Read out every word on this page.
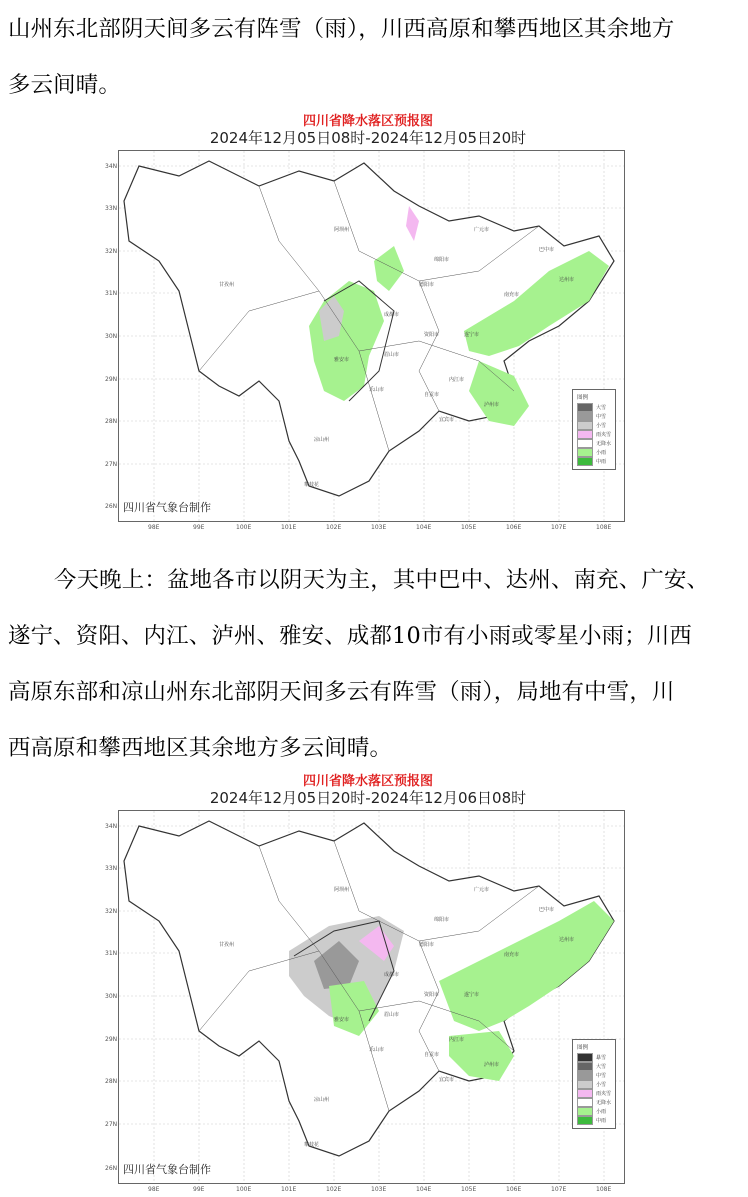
山州东北部阴天间多云有阵雪（雨），川西高原和攀西地区其余地方
多云间晴。

四川省降水落区预报图
2024年12月05日08时-2024年12月05日20时
34N
33N
32N
31N
30N
29N
28N
27N
26N
98E	99E	100E	101E	102E	103E	104E	105E	106E	107E	108E
阿坝州
甘孜州
凉山州
攀枝花
广元市
巴中市
达州市
绵阳市
德阳市
南充市
成都市
遂宁市
雅安市
眉山市
资阳市
乐山市
内江市
自贡市
宜宾市
泸州市
四川省气象台制作
图例
大雪
中雪
小雪
雨夹雪
无降水
小雨
中雨

今天晚上：盆地各市以阴天为主，其中巴中、达州、南充、广安、
遂宁、资阳、内江、泸州、雅安、成都10市有小雨或零星小雨；川西
高原东部和凉山州东北部阴天间多云有阵雪（雨），局地有中雪，川
西高原和攀西地区其余地方多云间晴。

四川省降水落区预报图
2024年12月05日20时-2024年12月06日08时
34N
33N
32N
31N
30N
29N
28N
27N
26N
98E	99E	100E	101E	102E	103E	104E	105E	106E	107E	108E
阿坝州
甘孜州
凉山州
攀枝花
广元市
巴中市
达州市
绵阳市
德阳市
南充市
成都市
遂宁市
雅安市
眉山市
资阳市
乐山市
内江市
自贡市
宜宾市
泸州市
四川省气象台制作
图例
暴雪
大雪
中雪
小雪
雨夹雪
无降水
小雨
中雨
